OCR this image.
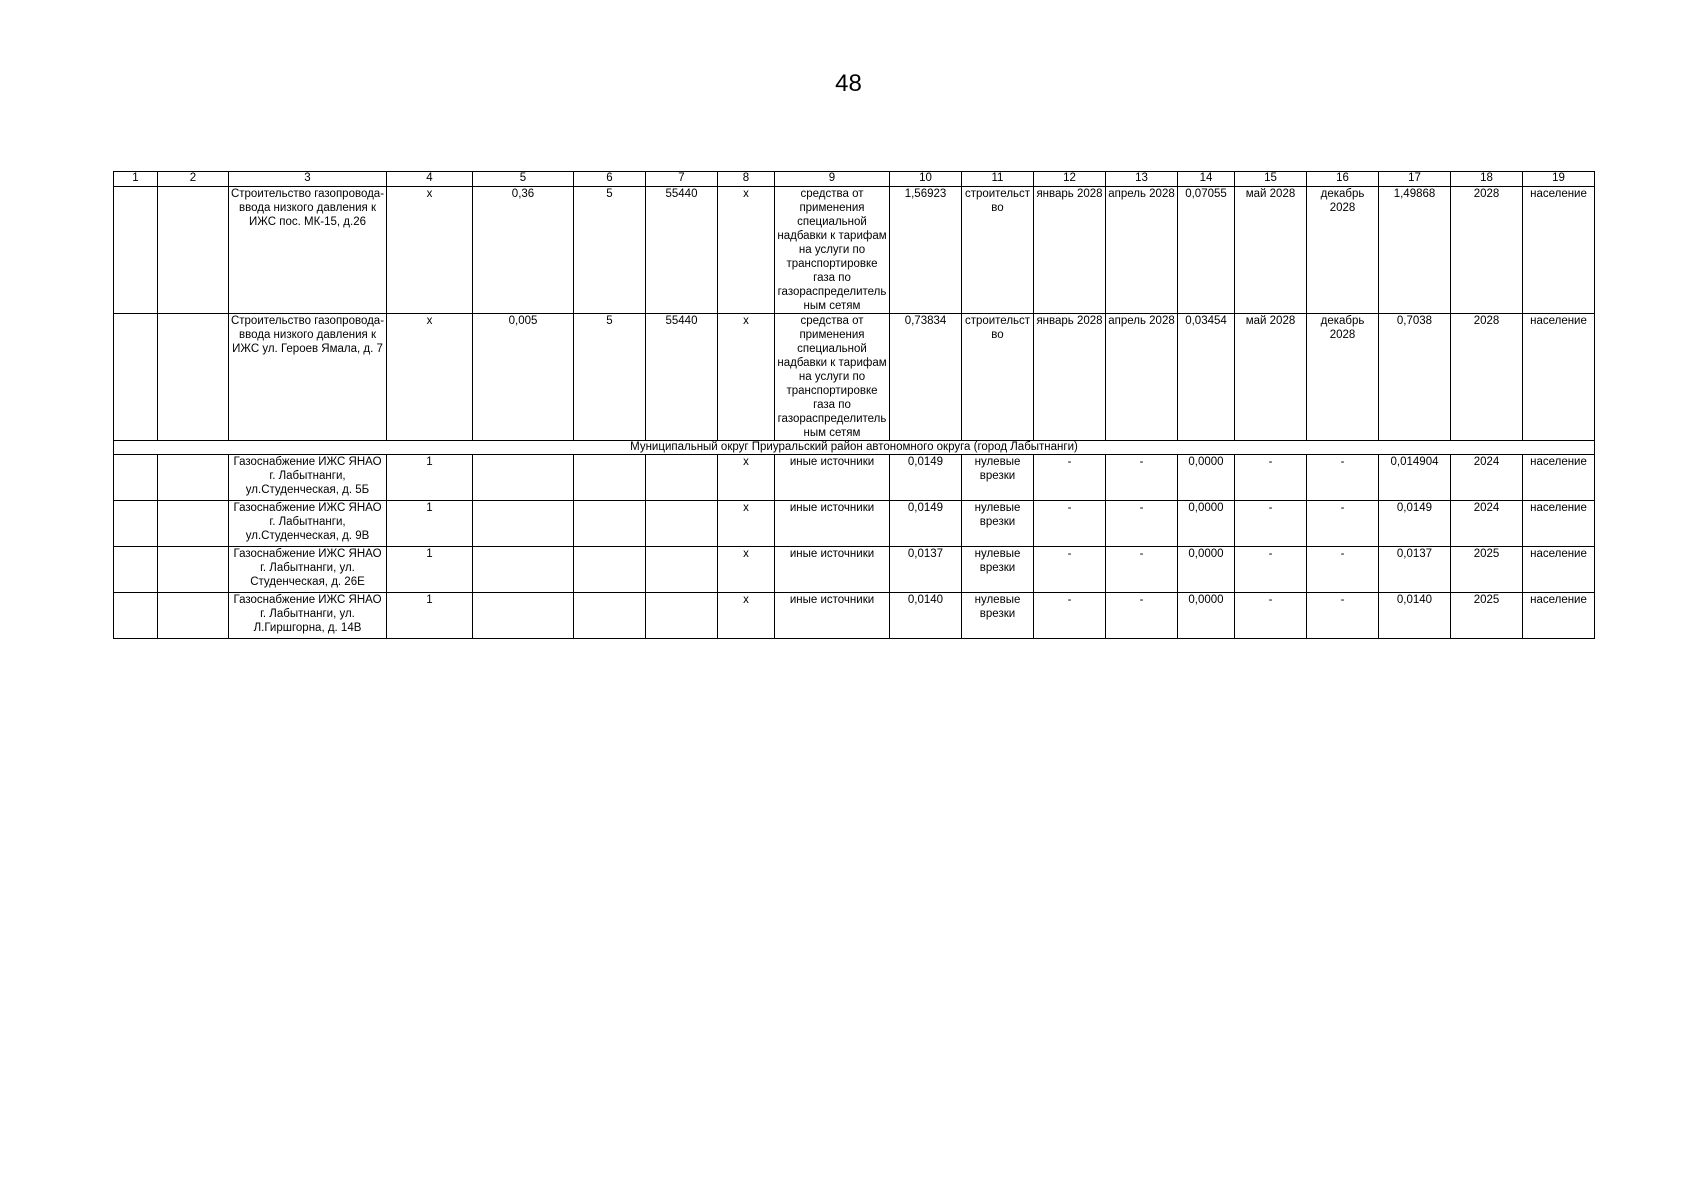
48
1	2	3	4	5	6	7	8	9	10	11	12	13	14	15	16	17	18	19
		Строительство газопровода-ввода низкого давления к ИЖС пос. МК-15, д.26	x	0,36	5	55440	x	средства от применения специальной надбавки к тарифам на услуги по транспортировке газа по газораспределительным сетям	1,56923	строительство	январь 2028	апрель 2028	0,07055	май 2028	декабрь 2028	1,49868	2028	население
		Строительство газопровода-ввода низкого давления к ИЖС ул. Героев Ямала, д. 7	x	0,005	5	55440	x	средства от применения специальной надбавки к тарифам на услуги по транспортировке газа по газораспределительным сетям	0,73834	строительство	январь 2028	апрель 2028	0,03454	май 2028	декабрь 2028	0,7038	2028	население
Муниципальный округ Приуральский район автономного округа (город Лабытнанги)																		
		Газоснабжение ИЖС ЯНАО г. Лабытнанги, ул.Студенческая, д. 5Б	1				x	иные источники	0,0149	нулевые врезки	-	-	0,0000	-	-	0,014904	2024	население
		Газоснабжение ИЖС ЯНАО г. Лабытнанги, ул.Студенческая, д. 9В	1				x	иные источники	0,0149	нулевые врезки	-	-	0,0000	-	-	0,0149	2024	население
		Газоснабжение ИЖС ЯНАО г. Лабытнанги, ул. Студенческая, д. 26Е	1				x	иные источники	0,0137	нулевые врезки	-	-	0,0000	-	-	0,0137	2025	население
		Газоснабжение ИЖС ЯНАО г. Лабытнанги, ул. Л.Гиршгорна, д. 14В	1				x	иные источники	0,0140	нулевые врезки	-	-	0,0000	-	-	0,0140	2025	население
